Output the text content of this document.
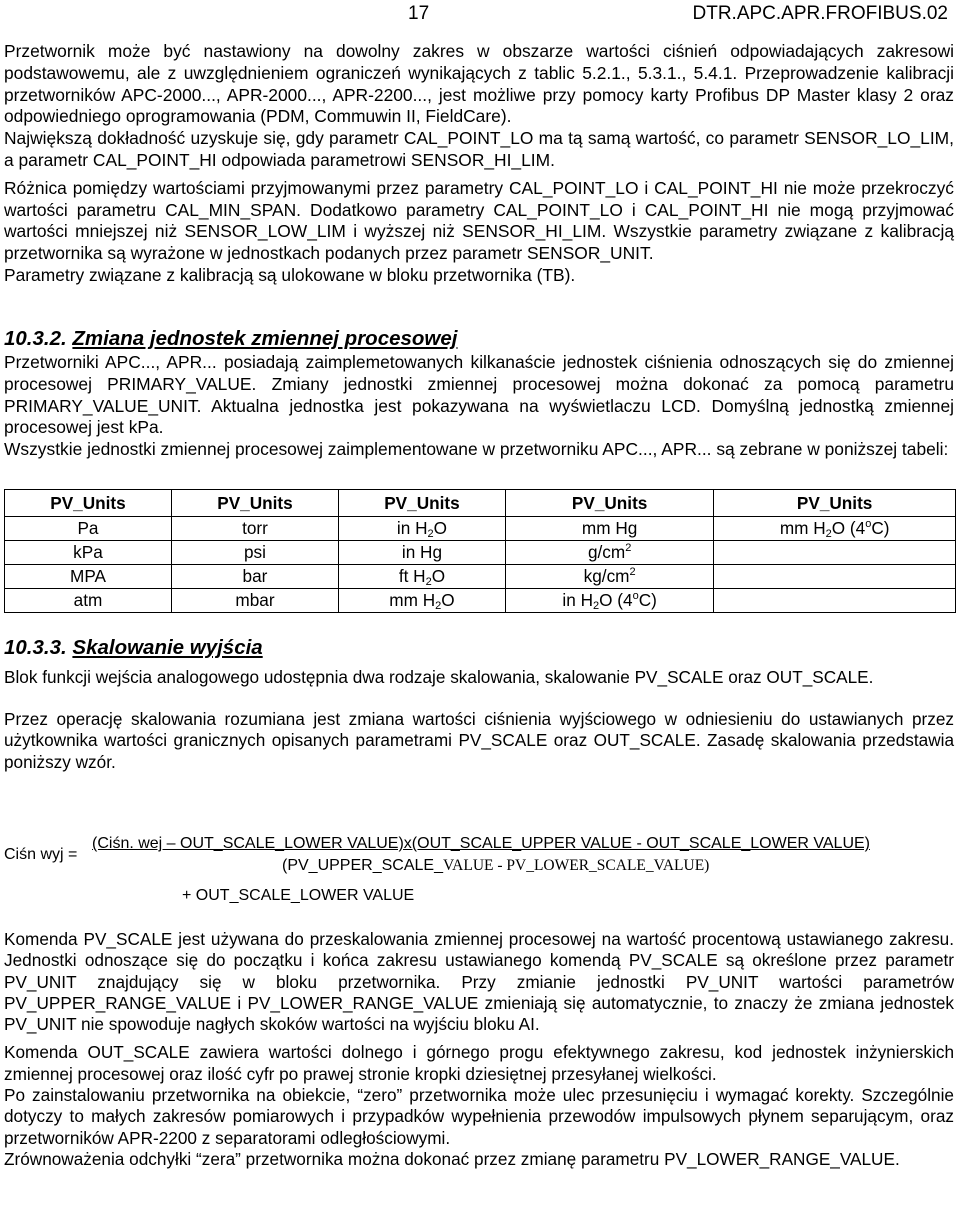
17	DTR.APC.APR.FROFIBUS.02

Przetwornik może być nastawiony na dowolny zakres w obszarze wartości ciśnień odpowiadających zakresowi podstawowemu, ale z uwzględnieniem ograniczeń wynikających z tablic 5.2.1., 5.3.1., 5.4.1. Przeprowadzenie kalibracji przetworników APC-2000..., APR-2000..., APR-2200..., jest możliwe przy pomocy karty Profibus DP Master klasy 2 oraz odpowiedniego oprogramowania (PDM, Commuwin II, FieldCare).

Największą dokładność uzyskuje się, gdy parametr CAL_POINT_LO ma tą samą wartość, co parametr SENSOR_LO_LIM, a parametr CAL_POINT_HI odpowiada parametrowi SENSOR_HI_LIM.

Różnica pomiędzy wartościami przyjmowanymi przez parametry CAL_POINT_LO i CAL_POINT_HI nie może przekroczyć wartości parametru CAL_MIN_SPAN. Dodatkowo parametry CAL_POINT_LO i CAL_POINT_HI nie mogą przyjmować wartości mniejszej niż SENSOR_LOW_LIM i wyższej niż SENSOR_HI_LIM. Wszystkie parametry związane z kalibracją przetwornika są wyrażone w jednostkach podanych przez parametr SENSOR_UNIT.

Parametry związane z kalibracją są ulokowane w bloku przetwornika (TB).

10.3.2. Zmiana jednostek zmiennej procesowej

Przetworniki APC..., APR... posiadają zaimplemetowanych kilkanaście jednostek ciśnienia odnoszących się do zmiennej procesowej PRIMARY_VALUE. Zmiany jednostki zmiennej procesowej można dokonać za pomocą parametru PRIMARY_VALUE_UNIT. Aktualna jednostka jest pokazywana na wyświetlaczu LCD. Domyślną jednostką zmiennej procesowej jest kPa.

Wszystkie jednostki zmiennej procesowej zaimplementowane w przetworniku APC..., APR... są zebrane w poniższej tabeli:

PV_Units	PV_Units	PV_Units	PV_Units	PV_Units
Pa	torr	in $H_2O$	mm Hg	mm $H_2O$ (4$^o$C)
kPa	psi	in Hg	$g/cm^2$	
MPA	bar	ft $H_2O$	$kg/cm^2$	
atm	mbar	mm $H_2O$	in $H_2O$ (4$^o$C)	
10.3.3. Skalowanie wyjścia

Blok funkcji wejścia analogowego udostępnia dwa rodzaje skalowania, skalowanie PV_SCALE oraz OUT_SCALE.

Przez operację skalowania rozumiana jest zmiana wartości ciśnienia wyjściowego w odniesieniu do ustawianych przez użytkownika wartości granicznych opisanych parametrami PV_SCALE oraz OUT_SCALE. Zasadę skalowania przedstawia poniższy wzór.

Ciśn wyj =
(Ciśn. wej – OUT_SCALE_LOWER VALUE)x(OUT_SCALE_UPPER VALUE - OUT_SCALE_LOWER VALUE)
(PV_UPPER_SCALE_VALUE - PV_LOWER_SCALE_VALUE)
+ OUT_SCALE_LOWER VALUE

Komenda PV_SCALE jest używana do przeskalowania zmiennej procesowej na wartość procentową ustawianego zakresu. Jednostki odnoszące się do początku i końca zakresu ustawianego komendą PV_SCALE są określone przez parametr PV_UNIT znajdujący się w bloku przetwornika. Przy zmianie jednostki PV_UNIT wartości parametrów PV_UPPER_RANGE_VALUE i PV_LOWER_RANGE_VALUE zmieniają się automatycznie, to znaczy że zmiana jednostek PV_UNIT nie spowoduje nagłych skoków wartości na wyjściu bloku AI.

Komenda OUT_SCALE zawiera wartości dolnego i górnego progu efektywnego zakresu, kod jednostek inżynierskich zmiennej procesowej oraz ilość cyfr po prawej stronie kropki dziesiętnej przesyłanej wielkości.

Po zainstalowaniu przetwornika na obiekcie, “zero” przetwornika może ulec przesunięciu i wymagać korekty. Szczególnie dotyczy to małych zakresów pomiarowych i przypadków wypełnienia przewodów impulsowych płynem separującym, oraz przetworników APR-2200 z separatorami odległościowymi.

Zrównoważenia odchyłki “zera” przetwornika można dokonać przez zmianę parametru PV_LOWER_RANGE_VALUE.
